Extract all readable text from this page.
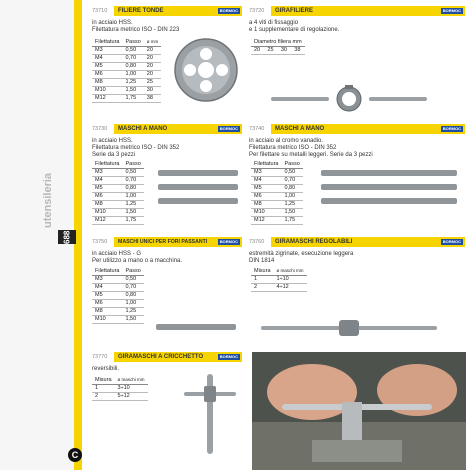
utensileria
688
C
73710	FILIERE TONDE	BORMOC
in acciaio HSS.
Filettatura metrico ISO - DIN 223
Filettatura	Passo	ø mm
M3	0,50	20
M4	0,70	20
M5	0,80	20
M6	1,00	20
M8	1,25	25
M10	1,50	30
M12	1,75	38
73720	GIRAFILIERE	BORMOC
a 4 viti di fissaggio
e 1 supplementare di regolazione.
Diametro filiera mm
20	25	30	38
73730	MASCHI A MANO	BORMOC
in acciaio HSS.
Filettatura metrico ISO - DIN 352
Serie da 3 pezzi
Filettatura	Passo
M3	0,50
M4	0,70
M5	0,80
M6	1,00
M8	1,25
M10	1,50
M12	1,75
73740	MASCHI A MANO	BORMOC
in acciaio al cromo vanadio.
Filettatura metrico ISO - DIN 352
Per filettare su metalli leggeri. Serie da 3 pezzi
Filettatura	Passo
M3	0,50
M4	0,70
M5	0,80
M6	1,00
M8	1,25
M10	1,50
M12	1,75
73750	MASCHI UNICI PER FORI PASSANTI	BORMOC
in acciaio HSS - G
Per utilizzo a mano o a macchina.
Filettatura	Passo
M3	0,50
M4	0,70
M5	0,80
M6	1,00
M8	1,25
M10	1,50
73760	GIRAMASCHI REGOLABILI	BORMOC
estremità zigrinate, esecuzione leggera
DIN 1814
Misura	ø maschi mm
1	1÷10
2	4÷12
73770	GIRAMASCHI A CRICCHETTO	BORMOC
reversibili.
Misura	ø maschi mm
1	3÷10
2	5÷12
